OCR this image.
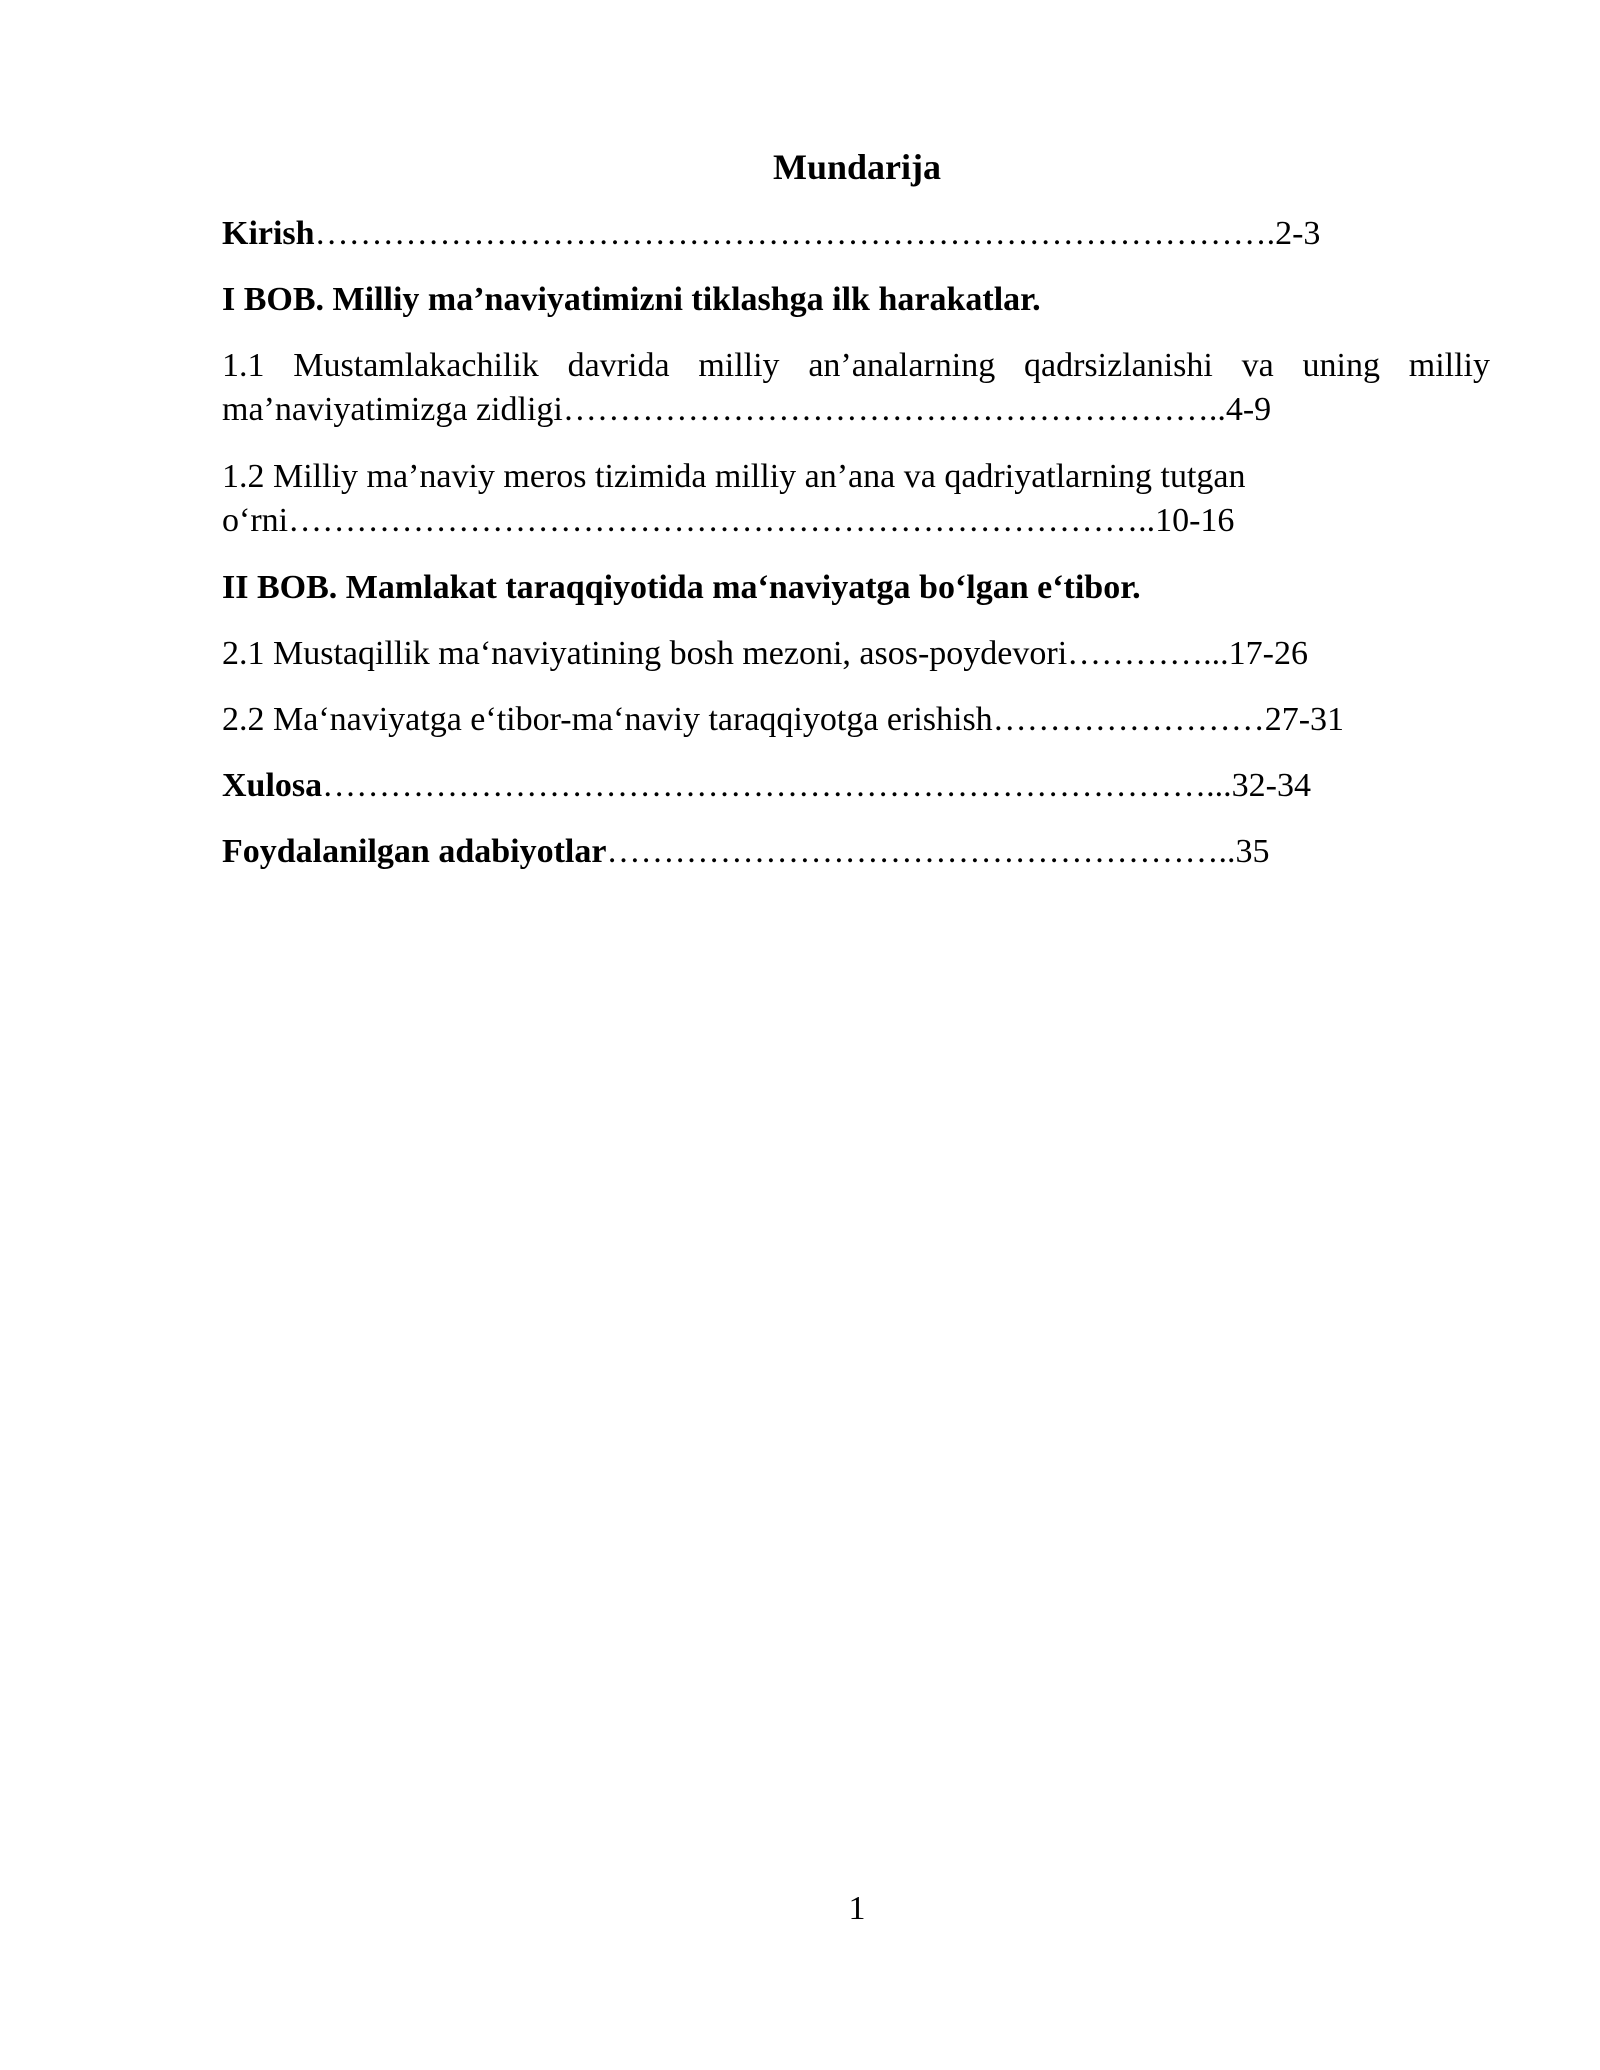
Mundarija
Kirish………………………………………………………………………….2-3
I BOB. Milliy ma’naviyatimizni tiklashga ilk harakatlar.
1.1 Mustamlakachilik davrida milliy an’analarning qadrsizlanishi va uning milliy
ma’naviyatimizga zidligi…………………………………………………..4-9
1.2 Milliy ma’naviy meros tizimida milliy an’ana va qadriyatlarning tutgan
o‘rni…………………………………………………………………..10-16
II BOB. Mamlakat taraqqiyotida ma‘naviyatga bo‘lgan e‘tibor.
2.1 Mustaqillik ma‘naviyatining bosh mezoni, asos-poydevori…………...17-26
2.2 Ma‘naviyatga e‘tibor-ma‘naviy taraqqiyotga erishish……………………27-31
Xulosa……………………………………………………………………...32-34
Foydalanilgan adabiyotlar………………………………………………..35
1
